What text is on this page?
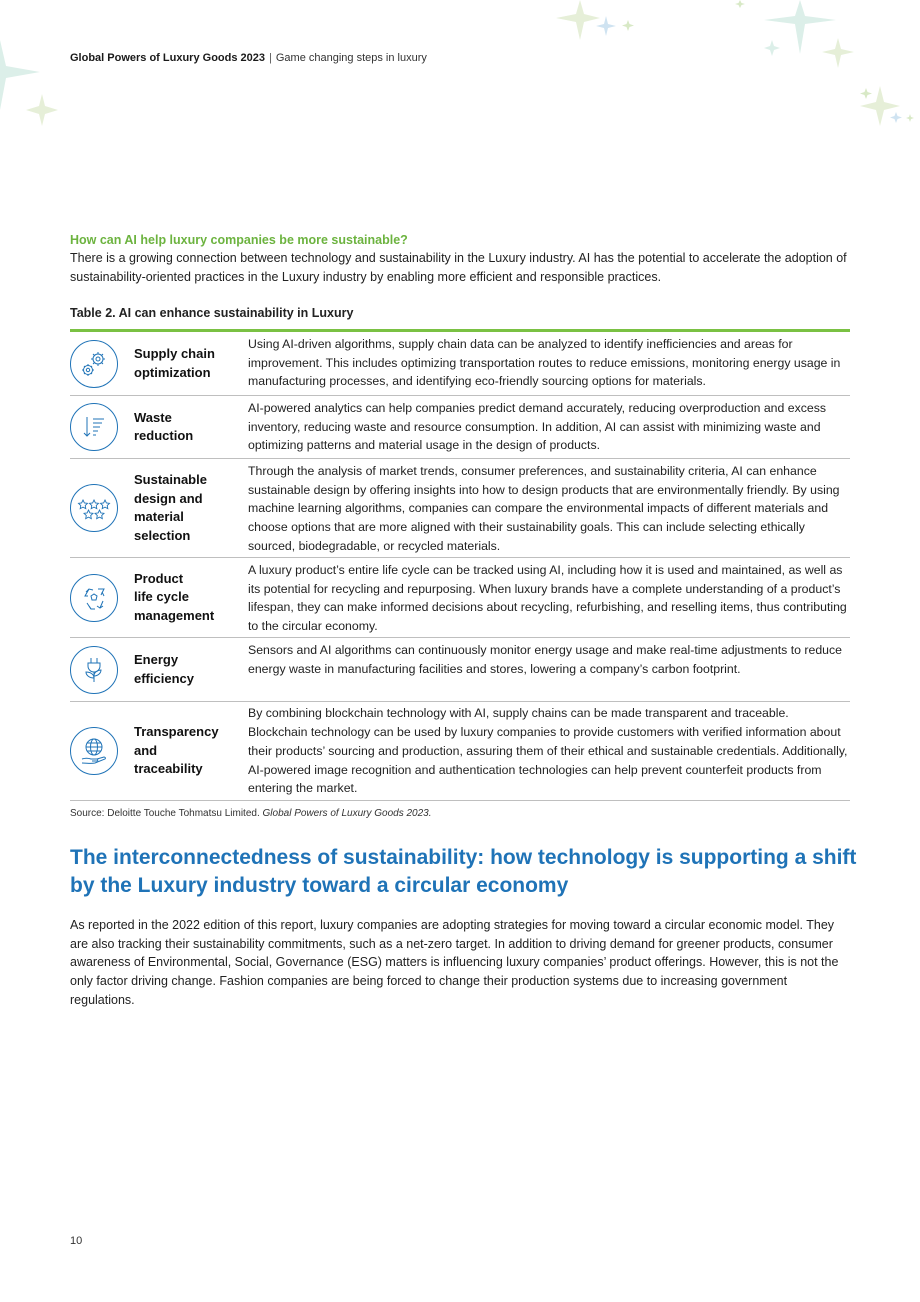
Global Powers of Luxury Goods 2023 | Game changing steps in luxury
How can AI help luxury companies be more sustainable?

There is a growing connection between technology and sustainability in the Luxury industry. AI has the potential to accelerate the adoption of sustainability-oriented practices in the Luxury industry by enabling more efficient and responsible practices.

Table 2. AI can enhance sustainability in Luxury
Supply chain
optimization
Using AI-driven algorithms, supply chain data can be analyzed to identify inefficiencies and areas for improvement. This includes optimizing transportation routes to reduce emissions, monitoring energy usage in manufacturing processes, and identifying eco-friendly sourcing options for materials.
Waste
reduction
AI-powered analytics can help companies predict demand accurately, reducing overproduction and excess inventory, reducing waste and resource consumption. In addition, AI can assist with minimizing waste and optimizing patterns and material usage in the design of products.
Sustainable
design and
material
selection
Through the analysis of market trends, consumer preferences, and sustainability criteria, AI can enhance sustainable design by offering insights into how to design products that are environmentally friendly. By using machine learning algorithms, companies can compare the environmental impacts of different materials and choose options that are more aligned with their sustainability goals. This can include selecting ethically sourced, biodegradable, or recycled materials.
Product
life cycle
management
A luxury product’s entire life cycle can be tracked using AI, including how it is used and maintained, as well as its potential for recycling and repurposing. When luxury brands have a complete understanding of a product’s lifespan, they can make informed decisions about recycling, refurbishing, and reselling items, thus contributing to the circular economy.
Energy
efficiency
Sensors and AI algorithms can continuously monitor energy usage and make real-time adjustments to reduce energy waste in manufacturing facilities and stores, lowering a company’s carbon footprint.
Transparency
and
traceability
By combining blockchain technology with AI, supply chains can be made transparent and traceable. Blockchain technology can be used by luxury companies to provide customers with verified information about their products’ sourcing and production, assuring them of their ethical and sustainable credentials. Additionally, AI-powered image recognition and authentication technologies can help prevent counterfeit products from entering the market.
Source: Deloitte Touche Tohmatsu Limited. Global Powers of Luxury Goods 2023.
The interconnectedness of sustainability: how technology is supporting a shift by the Luxury industry toward a circular economy

As reported in the 2022 edition of this report, luxury companies are adopting strategies for moving toward a circular economic model. They are also tracking their sustainability commitments, such as a net-zero target. In addition to driving demand for greener products, consumer awareness of Environmental, Social, Governance (ESG) matters is influencing luxury companies’ product offerings. However, this is not the only factor driving change. Fashion companies are being forced to change their production systems due to increasing government regulations.

10
